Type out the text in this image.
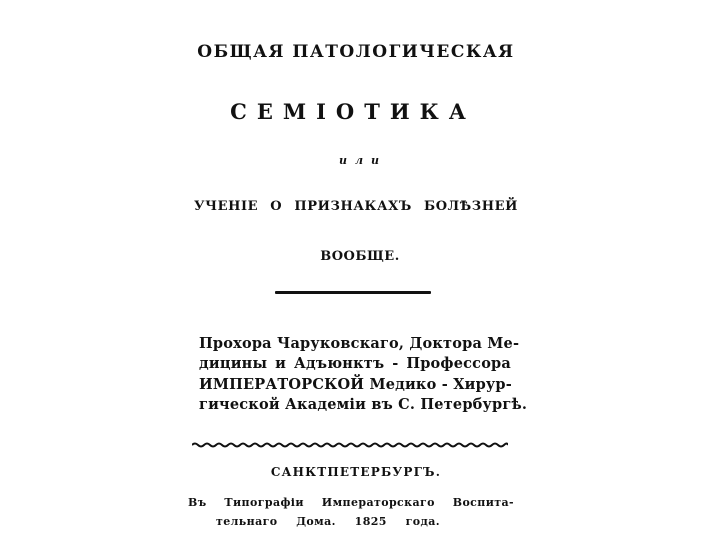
ОБЩАЯ ПАТОЛОГИЧЕСКАЯ
СЕМІОТИКА
или
УЧЕНІЕ О ПРИЗНАКАХЪ БОЛѢЗНЕЙ
ВООБЩЕ.
Прохора Чаруковскаго, Доктора Ме-
дицины и Адъюнктъ - Профессора
ИМПЕРАТОРСКОЙ Медико - Хирур-
гической Академіи въ С. Петербургѣ.
САНКТПЕТЕРБУРГЪ.
Въ Типографіи Императорскаго Воспита-
тельнаго Дома. 1825 года.
